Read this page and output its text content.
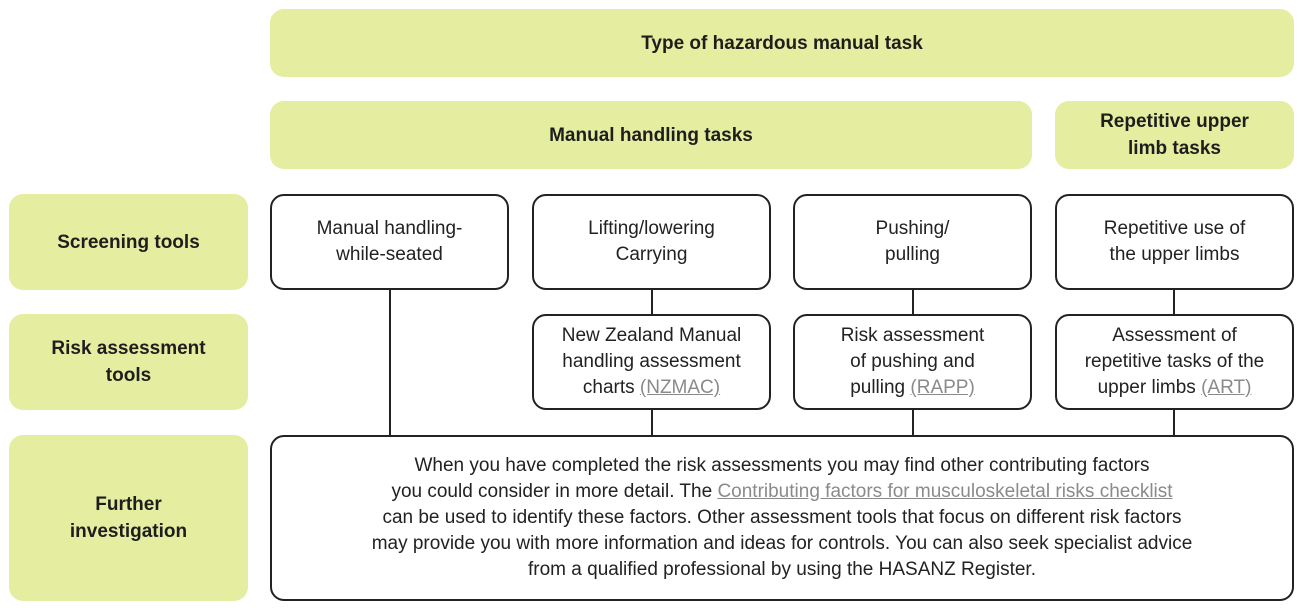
Type of hazardous manual task
Manual handling tasks
Repetitive upper
limb tasks
Screening tools
Risk assessment
tools
Further
investigation
Manual handling-
while-seated
Lifting/lowering
Carrying
Pushing/
pulling
Repetitive use of
the upper limbs
New Zealand Manual
handling assessment
charts (NZMAC)
Risk assessment
of pushing and
pulling (RAPP)
Assessment of
repetitive tasks of the
upper limbs (ART)
When you have completed the risk assessments you may find other contributing factors
you could consider in more detail. The Contributing factors for musculoskeletal risks checklist
can be used to identify these factors. Other assessment tools that focus on different risk factors
may provide you with more information and ideas for controls. You can also seek specialist advice
from a qualified professional by using the HASANZ Register.
